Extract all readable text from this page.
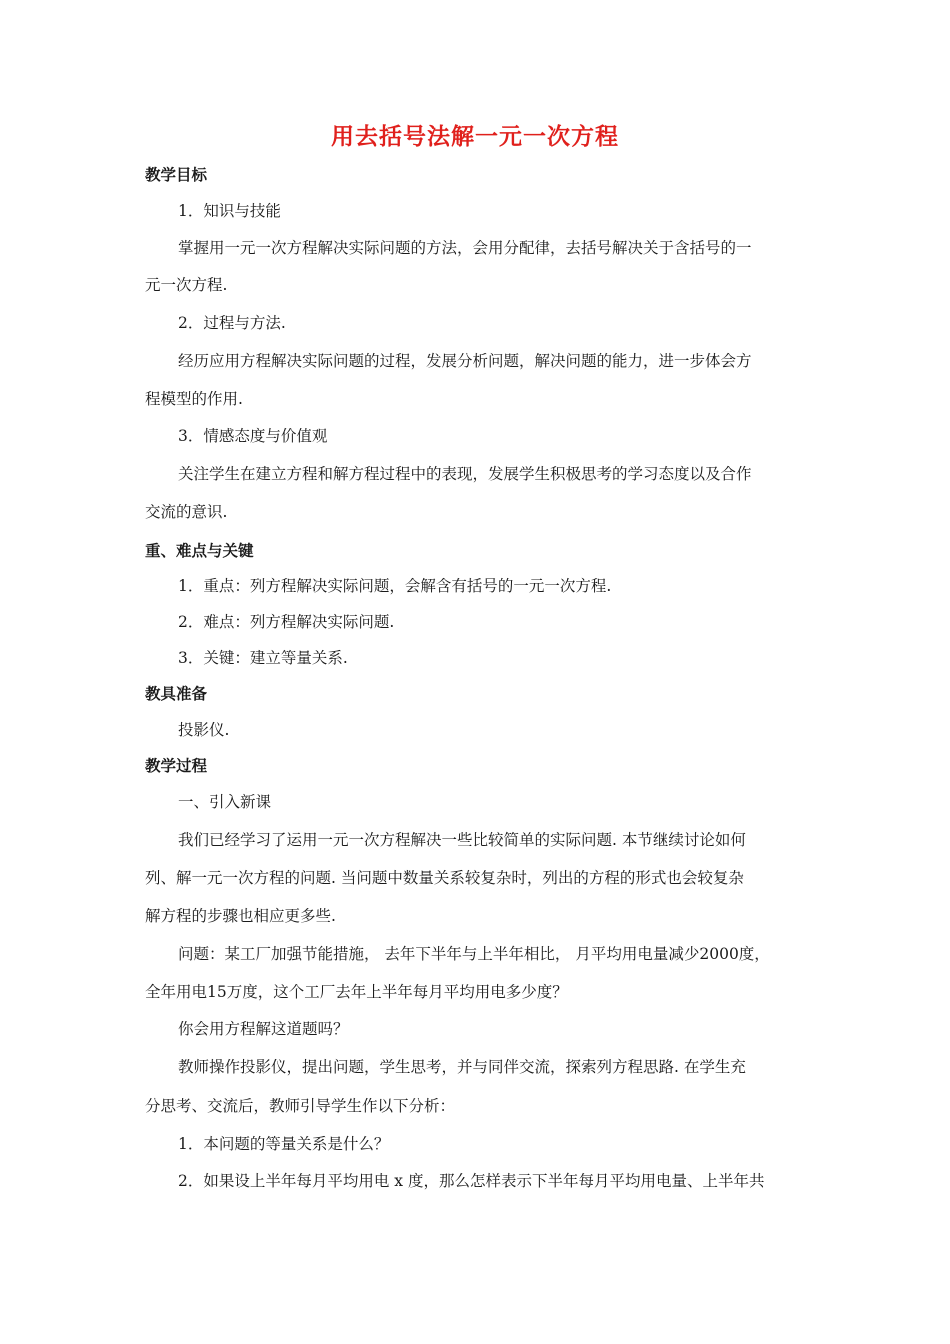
用去括号法解一元一次方程
教学目标
1．知识与技能
掌握用一元一次方程解决实际问题的方法，会用分配律，去括号解决关于含括号的一
元一次方程.
2．过程与方法.
经历应用方程解决实际问题的过程，发展分析问题，解决问题的能力，进一步体会方
程模型的作用.
3．情感态度与价值观
关注学生在建立方程和解方程过程中的表现，发展学生积极思考的学习态度以及合作
交流的意识.
重、难点与关键
1．重点：列方程解决实际问题，会解含有括号的一元一次方程.
2．难点：列方程解决实际问题.
3．关键：建立等量关系.
教具准备
投影仪.
教学过程
一、引入新课
我们已经学习了运用一元一次方程解决一些比较简单的实际问题. 本节继续讨论如何
列、解一元一次方程的问题. 当问题中数量关系较复杂时，列出的方程的形式也会较复杂
解方程的步骤也相应更多些.
问题：某工厂加强节能措施， 去年下半年与上半年相比， 月平均用电量减少2000度，
全年用电15万度，这个工厂去年上半年每月平均用电多少度？
你会用方程解这道题吗？
教师操作投影仪，提出问题，学生思考，并与同伴交流，探索列方程思路. 在学生充
分思考、交流后，教师引导学生作以下分析：
1．本问题的等量关系是什么？
2．如果设上半年每月平均用电 x 度，那么怎样表示下半年每月平均用电量、上半年共
